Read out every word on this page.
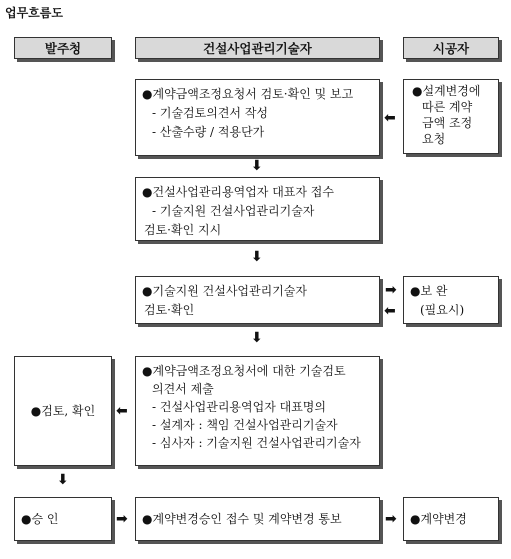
업무흐름도
발주청	건설사업관리기술자	시공자
●계약금액조정요청서 검토·확인 및 보고
- 기술검토의견서 작성
- 산출수량 / 적용단가
●설계변경에
따른 계약
금액 조정
요청
⬅
⬇
●건설사업관리용역업자 대표자 접수
- 기술지원 건설사업관리기술자
검토·확인 지시
⬇
●기술지원 건설사업관리기술자
검토·확인
●보 완
(필요시)
➡
⬅
⬇
●검토, 확인 ⬅
●계약금액조정요청서에 대한 기술검토
의견서 제출
- 건설사업관리용역업자 대표명의
- 설계자 : 책임 건설사업관리기술자
- 심사자 : 기술지원 건설사업관리기술자
⬇
●승 인	➡ ●계약변경승인 접수 및 계약변경 통보	➡ ●계약변경
